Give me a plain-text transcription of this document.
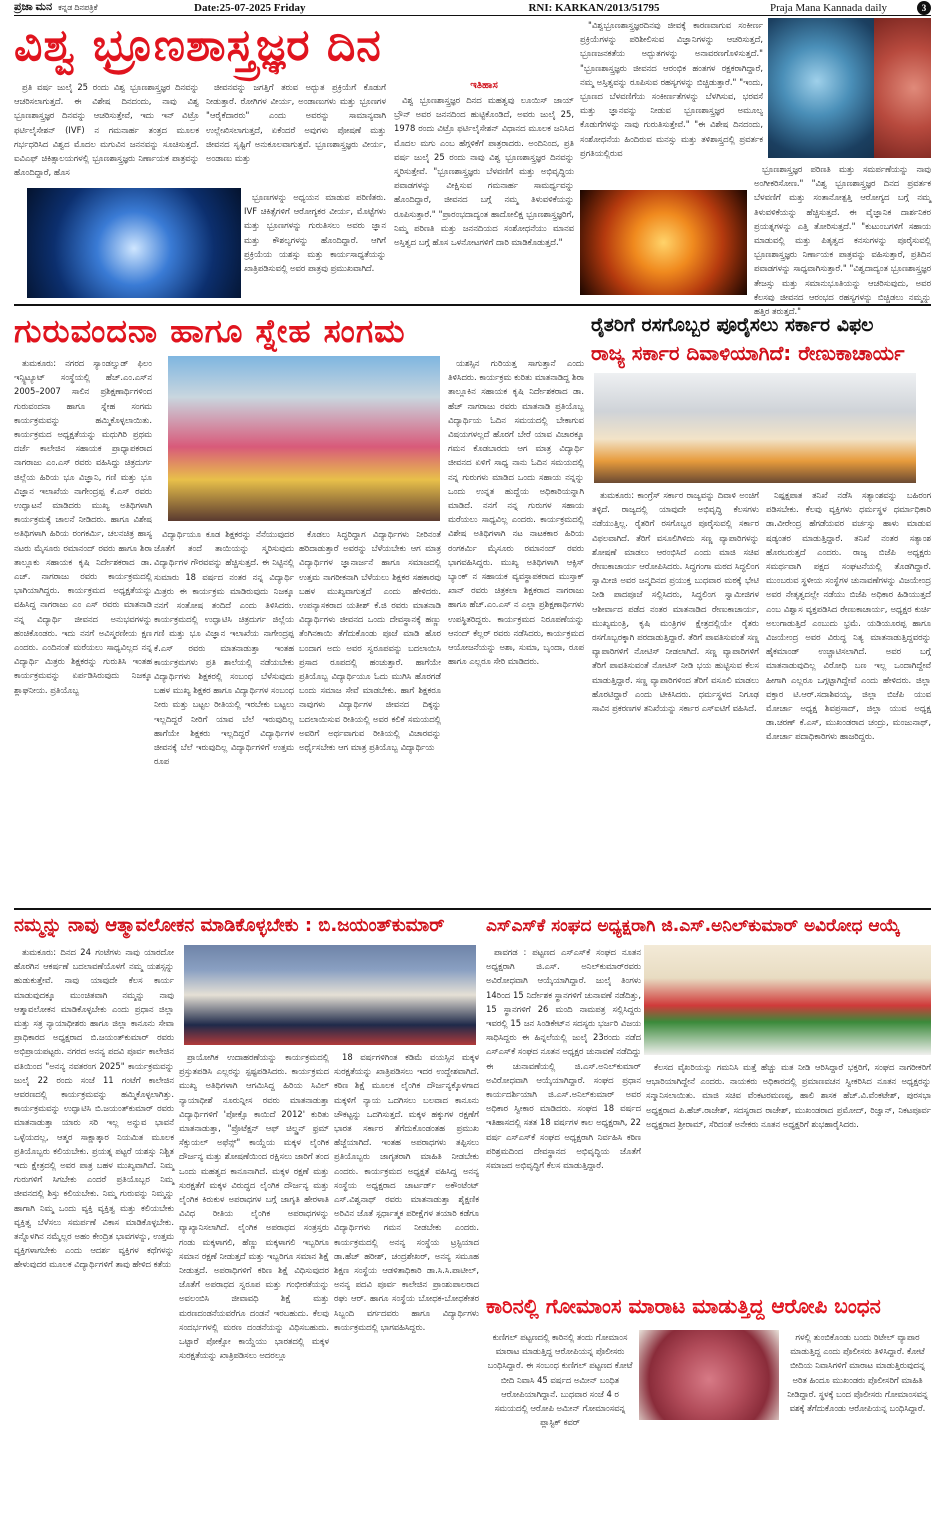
ಪ್ರಜಾ ಮನ ಕನ್ನಡ ದಿನಪತ್ರಿಕೆ	Date:25-07-2025 Friday	RNI: KARKAN/2013/51795	Praja Mana Kannada daily	3
ವಿಶ್ವ ಭ್ರೂಣಶಾಸ್ತ್ರಜ್ಞರ ದಿನ	"ವಿಶ್ವಭ್ರೂಣಶಾಸ್ತ್ರಜ್ಞರದಿನವು ಜೀವಕ್ಕೆ ಕಾರಣವಾಗುವ ಸಂಕೀರ್ಣ ಪ್ರಕ್ರಿಯೆಗಳನ್ನು ಪರಿಶೀಲಿಸುವ ವಿಜ್ಞಾನಿಗಳನ್ನು ಆಚರಿಸುತ್ತದೆ, ಭ್ರೂಣಜನಕತೆಯ ಅದ್ಭುತಗಳನ್ನು ಅನಾವರಣಗೊಳಿಸುತ್ತದೆ." "ಭ್ರೂಣಶಾಸ್ತ್ರಜ್ಞರು ಜೀವನದ ಆರಂಭಿಕ ಹಂತಗಳ ರಕ್ಷಕರಾಗಿದ್ದಾರೆ, ನಮ್ಮ ಅಸ್ತಿತ್ವವನ್ನು ರೂಪಿಸುವ ರಹಸ್ಯಗಳನ್ನು ಬಿಚ್ಚಿಡುತ್ತಾರೆ." "ಇಂದು, ಭ್ರೂಣದ ಬೆಳವಣಿಗೆಯ ಸಂಕೀರ್ಣತೆಗಳನ್ನು ಬೆಳಗಿಸುವ, ಭರವಸೆ ಮತ್ತು ಜ್ಞಾನವನ್ನು ನೀಡುವ ಭ್ರೂಣಶಾಸ್ತ್ರಜ್ಞರ ಅಮೂಲ್ಯ ಕೊಡುಗೆಗಳನ್ನು ನಾವು ಗುರುತಿಸುತ್ತೇವೆ." "ಈ ವಿಶೇಷ ದಿನದಂದು, ಸಂಶೋಧನೆಯ ಹಿಂದಿರುವ ಮನಸ್ಸು ಮತ್ತು ತಳಿಶಾಸ್ತ್ರದಲ್ಲಿ ಪ್ರವರ್ತಕ ಪ್ರಗತಿಯಲ್ಲಿರುವ

ಪ್ರತಿ ವರ್ಷ ಜುಲೈ 25 ರಂದು ವಿಶ್ವ ಭ್ರೂಣಶಾಸ್ತ್ರಜ್ಞರ ದಿನವನ್ನು ಆಚರಿಸಲಾಗುತ್ತದೆ. ಈ ವಿಶೇಷ ದಿನದಂದು, ನಾವು ವಿಶ್ವ ಭ್ರೂಣಶಾಸ್ತ್ರಜ್ಞರ ದಿನವನ್ನು ಆಚರಿಸುತ್ತೇವೆ, ಇದು ಇನ್ ವಿಟ್ರೊ ಫರ್ಟಿಲೈಸೇಶನ್ (IVF) ನ ಗಮನಾರ್ಹ ತಂತ್ರದ ಮೂಲಕ ಗರ್ಭಧರಿಸಿದ ವಿಶ್ವದ ಮೊದಲ ಮಗುವಿನ ಜನನವನ್ನು ಸೂಚಿಸುತ್ತದೆ. ಐವಿಎಫ್ ಚಿಕಿತ್ಸಾಲಯಗಳಲ್ಲಿ ಭ್ರೂಣಶಾಸ್ತ್ರಜ್ಞರು ನಿರ್ಣಾಯಕ ಪಾತ್ರವನ್ನು ಹೊಂದಿದ್ದಾರೆ, ಹೊಸ

ಜೀವನವನ್ನು ಜಗತ್ತಿಗೆ ತರುವ ಅದ್ಭುತ ಪ್ರಕ್ರಿಯೆಗೆ ಕೊಡುಗೆ ನೀಡುತ್ತಾರೆ. ರೋಗಿಗಳ ವೀರ್ಯ, ಅಂಡಾಣುಗಳು ಮತ್ತು ಭ್ರೂಣಗಳ "ಆರೈಕೆದಾರರು" ಎಂದು ಅವರನ್ನು ಸಾಮಾನ್ಯವಾಗಿ ಉಲ್ಲೇಖಿಸಲಾಗುತ್ತದೆ, ಏಕೆಂದರೆ ಅವುಗಳು ಪೋಷಣೆ ಮತ್ತು ಜೀವನದ ಸೃಷ್ಟಿಗೆ ಅನುಕೂಲವಾಗುತ್ತವೆ. ಭ್ರೂಣಶಾಸ್ತ್ರಜ್ಞರು ವೀರ್ಯ, ಅಂಡಾಣು ಮತ್ತು

ಭ್ರೂಣಗಳನ್ನು ಅಧ್ಯಯನ ಮಾಡುವ ಪರಿಣಿತರು. IVF ಚಿಕಿತ್ಸೆಗಳಿಗೆ ಆರೋಗ್ಯಕರ ವೀರ್ಯ, ಮೊಟ್ಟೆಗಳು ಮತ್ತು ಭ್ರೂಣಗಳನ್ನು ಗುರುತಿಸಲು ಅವರು ಜ್ಞಾನ ಮತ್ತು ಕೌಶಲ್ಯಗಳನ್ನು ಹೊಂದಿದ್ದಾರೆ. ಆಗಿಗೆ ಪ್ರಕ್ರಿಯೆಯ ಯಶಸ್ಸು ಮತ್ತು ಕಾರ್ಯಸಾಧ್ಯತೆಯನ್ನು ಖಾತ್ರಿಪಡಿಸುವಲ್ಲಿ ಅವರ ಪಾತ್ರವು ಪ್ರಮುಖವಾಗಿದೆ.

ಇತಿಹಾಸ

ವಿಶ್ವ ಭ್ರೂಣಶಾಸ್ತ್ರಜ್ಞರ ದಿನದ ಮಹತ್ವವು ಲೂಯಿಸ್ ಜಾಯ್ ಬ್ರೌನ್ ಅವರ ಜನನದಿಂದ ಹುಟ್ಟಿಕೊಂಡಿದೆ, ಅವರು ಜುಲೈ 25, 1978 ರಂದು ವಿಟ್ರೊ ಫರ್ಟಿಲೈಸೇಶನ್ ವಿಧಾನದ ಮೂಲಕ ಜನಿಸಿದ ಮೊದಲ ಮಗು ಎಂಬ ಹೆಗ್ಗಳಿಕೆಗೆ ಪಾತ್ರರಾದರು. ಅಂದಿನಿಂದ, ಪ್ರತಿ ವರ್ಷ ಜುಲೈ 25 ರಂದು ನಾವು ವಿಶ್ವ ಭ್ರೂಣಶಾಸ್ತ್ರಜ್ಞರ ದಿನವನ್ನು ಸ್ಮರಿಸುತ್ತೇವೆ. "ಭ್ರೂಣಶಾಸ್ತ್ರಜ್ಞರು ಬೆಳವಣಿಗೆ ಮತ್ತು ಅಭಿವೃದ್ಧಿಯ ಪವಾಡಗಳನ್ನು ವೀಕ್ಷಿಸುವ ಗಮನಾರ್ಹ ಸಾಮರ್ಥ್ಯವನ್ನು ಹೊಂದಿದ್ದಾರೆ, ಜೀವನದ ಬಗ್ಗೆ ನಮ್ಮ ತಿಳುವಳಿಕೆಯನ್ನು ರೂಪಿಸುತ್ತಾರೆ." "ಪ್ರಾರಂಭದಾದ್ಯಂತ ಹಾದೋಲಿಕ್ಷ ಭ್ರೂಣಶಾಸ್ತ್ರಜ್ಞರಿಗೆ, ನಿಮ್ಮ ಪರಿಣತಿ ಮತ್ತು ಜನನದಿಯದ ಸಂಶೋಧನೆಯು ಮಾನವ ಅಸ್ತಿತ್ವದ ಬಗ್ಗೆ ಹೊಸ ಒಳನೋಟಗಳಿಗೆ ದಾರಿ ಮಾಡಿಕೊಡುತ್ತದೆ."

ಭ್ರೂಣಶಾಸ್ತ್ರಜ್ಞರ ಪರಿಣತಿ ಮತ್ತು ಸಮರ್ಪಣೆಯನ್ನು ನಾವು ಅಂಗೀಕರಿಸೋಣ." "ವಿಶ್ವ ಭ್ರೂಣಶಾಸ್ತ್ರಜ್ಞರ ದಿನದ ಪ್ರವರ್ತಕ ಬೆಳವಣಿಗೆ ಮತ್ತು ಸಂತಾನೋತ್ಪತ್ತಿ ಆರೋಗ್ಯದ ಬಗ್ಗೆ ನಮ್ಮ ತಿಳುವಳಿಕೆಯನ್ನು ಹೆಚ್ಚಿಸುತ್ತದೆ. ಈ ವೈಜ್ಞಾನಿಕ ದಾರ್ಶನಿಕರ ಪ್ರಯತ್ನಗಳನ್ನು ಎತ್ತಿ ತೋರಿಸುತ್ತದೆ." "ಕುಟುಂಬಗಳಿಗೆ ಸಹಾಯ ಮಾಡುವಲ್ಲಿ ಮತ್ತು ಪಿತೃತ್ವದ ಕನಸುಗಳನ್ನು ಪೂರೈಸುವಲ್ಲಿ ಭ್ರೂಣಶಾಸ್ತ್ರಜ್ಞರು ನಿರ್ಣಾಯಕ ಪಾತ್ರವನ್ನು ವಹಿಸುತ್ತಾರೆ, ಪ್ರತಿದಿನ ಪವಾಡಗಳನ್ನು ಸಾಧ್ಯವಾಗಿಸುತ್ತಾರೆ." "ವಿಶ್ವದಾದ್ಯಂತ ಭ್ರೂಣಶಾಸ್ತ್ರಜ್ಞರ ತೇಜಸ್ಸು ಮತ್ತು ಸಮಾನುಭೂತಿಯನ್ನು ಆಚರಿಸುವುದು, ಅವರ ಕೆಲಸವು ಜೀವನದ ಆರಂಭದ ರಹಸ್ಯಗಳನ್ನು ಬಿಚ್ಚಿಡಲು ನಮ್ಮನ್ನು ಹತ್ತಿರ ತರುತ್ತದೆ."

ಗುರುವಂದನಾ ಹಾಗೂ ಸ್ನೇಹ ಸಂಗಮ

ತುಮಕೂರು: ನಗರದ ಸ್ಯಾಂಡಲ್ವುಡ್ ಫಿಲಂ ಇನ್ಸ್ಟಿಟ್ಯೂಟ್ ಸಂಸ್ಥೆಯಲ್ಲಿ ಹೆಚ್.ಎಂ.ಎಸ್‌ನ 2005–2007 ಸಾಲಿನ ಪ್ರಶಿಕ್ಷಣಾರ್ಥಿಗಳಿಂದ ಗುರುವಂದನಾ ಹಾಗೂ ಸ್ನೇಹ ಸಂಗಮ ಕಾರ್ಯಕ್ರಮವನ್ನು ಹಮ್ಮಿಕೊಳ್ಳಲಾಯಿತು. ಕಾರ್ಯಕ್ರಮದ ಅಧ್ಯಕ್ಷತೆಯನ್ನು ಮಧುಗಿರಿ ಪ್ರಥಮ ದರ್ಜೆ ಕಾಲೇಜಿನ ಸಹಾಯಕ ಪ್ರಾಧ್ಯಾಪಕರಾದ ನಾಗರಾಜು ಎಂ.ಎಸ್ ರವರು ವಹಿಸಿದ್ದು ಚಿತ್ರದುರ್ಗ ಜಿಲ್ಲೆಯ ಹಿರಿಯ ಭೂ ವಿಜ್ಞಾನಿ, ಗಣಿ ಮತ್ತು ಭೂ ವಿಜ್ಞಾನ ಇಲಾಖೆಯ ನಾಗೇಂದ್ರಪ್ಪ ಕೆ.ಎಸ್ ರವರು ಉದ್ಘಾಟನೆ ಮಾಡಿದರು ಮುಖ್ಯ ಅತಿಥಿಗಳಾಗಿ ಕಾರ್ಯಕ್ರಮಕ್ಕೆ ಚಾಲನೆ ನೀಡಿದರು. ಹಾಗೂ ವಿಶೇಷ ಅತಿಥಿಗಳಾಗಿ ಹಿರಿಯ ರಂಗಕರ್ಮಿ, ಚಲನಚಿತ್ರ ಹಾಸ್ಯ ನಟರು ಮೈಸೂರು ರಮಾನಂದ್ ರವರು ಹಾಗೂ ಶಿರಾ ತಾಲ್ಲೂಕು ಸಹಾಯಕ ಕೃಷಿ ನಿರ್ದೇಶಕರಾದ ಡಾ. ಎಚ್. ನಾಗರಾಜು ರವರು ಕಾರ್ಯಕ್ರಮದಲ್ಲಿ ಭಾಗಿಯಾಗಿದ್ದರು. ಕಾರ್ಯಕ್ರಮದ ಅಧ್ಯಕ್ಷತೆಯನ್ನು ವಹಿಸಿದ್ದ ನಾಗರಾಜು ಎಂ ಎಸ್ ರವರು ಮಾತನಾಡಿ ನನ್ನ ವಿದ್ಯಾರ್ಥಿ ಜೀವನದ ಅನುಭವಗಳನ್ನು ಹಂಚಿಕೊಂಡರು. ಇದು ನನಗೆ ಅವಿಸ್ಮರಣೀಯ ಕ್ಷಣ ಎಂದರು. ಎಂದಿನಂತೆ ಮರೆಯಲು ಸಾಧ್ಯವಿಲ್ಲದ ನನ್ನ ವಿದ್ಯಾರ್ಥಿ ಮಿತ್ರರು ಶಿಕ್ಷಕರನ್ನು ಗುರುತಿಸಿ ಇಂತಹ ಕಾರ್ಯಕ್ರಮವನ್ನು ಏರ್ಪಡಿಸಿರುವುದು ನಿಜಕ್ಕೂ ಶ್ಲಾಘನೀಯ. ಪ್ರತಿಯೊಬ್ಬ

ವಿದ್ಯಾರ್ಥಿಯೂ ಕೂಡ ಶಿಕ್ಷಕರನ್ನು ನೆನೆಯುವುದರ ಜೊತೆಗೆ ತಂದೆ ತಾಯಿಯನ್ನು ಸ್ಮರಿಸುವುದು ವಿದ್ಯಾರ್ಥಿಗಳ ಗೌರವವನ್ನು ಹೆಚ್ಚಿಸುತ್ತದೆ. ಈ ನಿಟ್ಟಿನಲ್ಲಿ ಸುಮಾರು 18 ವರ್ಷದ ನಂತರ ನನ್ನ ವಿದ್ಯಾರ್ಥಿ ಮಿತ್ರರು ಈ ಕಾರ್ಯಕ್ರಮ ಮಾಡಿರುವುದು ನಿಜಕ್ಕೂ ನನಗೆ ಸಂತೋಷ ತಂದಿದೆ ಎಂದು ತಿಳಿಸಿದರು. ಕಾರ್ಯಕ್ರಮದಲ್ಲಿ ಉದ್ಘಾಟಿಸಿ ಚಿತ್ರದುರ್ಗ ಜಿಲ್ಲೆಯ ಗಣಿ ಮತ್ತು ಭೂ ವಿಜ್ಞಾನ ಇಲಾಖೆಯ ನಾಗೇಂದ್ರಪ್ಪ ಕೆ.ಎಸ್ ರವರು ಮಾತನಾಡುತ್ತಾ ಇಂತಹ ಕಾರ್ಯಕ್ರಮಗಳು ಪ್ರತಿ ಶಾಲೆಯಲ್ಲಿ ನಡೆಯಬೇಕು ವಿದ್ಯಾರ್ಥಿಗಳು ಶಿಕ್ಷಕರಲ್ಲಿ ಸಂಬಂಧ ಬೆಳೆಸುವುದು ಬಹಳ ಮುಖ್ಯ ಶಿಕ್ಷಕರ ಹಾಗೂ ವಿದ್ಯಾರ್ಥಿಗಳ ಸಂಬಂಧ ನೀರು ಮತ್ತು ಬಟ್ಟಲ ರೀತಿಯಲ್ಲಿ ಇರಬೇಕು ಬಟ್ಟಲು ಇಲ್ಲದಿದ್ದರೆ ನೀರಿಗೆ ಯಾವ ಬೆಲೆ ಇರುವುದಿಲ್ಲ ಹಾಗೆಯೇ ಶಿಕ್ಷಕರು ಇಲ್ಲದಿದ್ದರೆ ವಿದ್ಯಾರ್ಥಿಗಳ ಜೀವನಕ್ಕೆ ಬೆಲೆ ಇರುವುದಿಲ್ಲ ವಿದ್ಯಾರ್ಥಿಗಳಿಗೆ ಉತ್ತಮ ರೂಪ

ಕೊಡಲು ಸಿದ್ಧರಿದ್ದಾಗ ವಿದ್ಯಾರ್ಥಿಗಳು ನೀರಿನಂತೆ ಹರಿದಾಡುತ್ತಾರೆ ಅವರನ್ನು ಬೆಳೆಯಬೇಕು ಆಗ ಮಾತ್ರ ವಿದ್ಯಾರ್ಥಿಗಳ ಜ್ಞಾನಾರ್ಜನೆ ಹಾಗೂ ಸಮಾಜದಲ್ಲಿ ಉತ್ತಮ ನಾಗರೀಕನಾಗಿ ಬೆಳೆಯಲು ಶಿಕ್ಷಕರ ಸಹಕಾರವು ಬಹಳ ಮುಖ್ಯವಾಗುತ್ತದೆ ಎಂದು ಹೇಳಿದರು. ಉಪನ್ಯಾಸಕರಾದ ಯತೀಶ್ ಕೆ.ಜಿ ರವರು ಮಾತನಾಡಿ ವಿದ್ಯಾರ್ಥಿಗಳು ಜೀವನದ ಒಂದು ದೇವಸ್ಥಾನಕ್ಕೆ ಹಣ್ಣು ತೆಂಗಿನಕಾಯಿ ತೆಗೆದುಕೊಂಡು ಪೂಜೆ ಮಾಡಿ ಹೊರ ಬಂದಾಗ ಅದು ಅವರ ಸ್ವರೂಪವನ್ನು ಬದಲಾಯಿಸಿ ಪ್ರಸಾದ ರೂಪದಲ್ಲಿ ಹಂಚುತ್ತಾರೆ. ಹಾಗೆಯೇ ಪ್ರತಿಯೊಬ್ಬ ವಿದ್ಯಾರ್ಥಿಯೂ ಓದು ಮುಗಿಸಿ ಹೊರಗಡೆ ಬಂದು ಸಮಾಜ ಸೇವೆ ಮಾಡಬೇಕು. ಹಾಗೆ ಶಿಕ್ಷಕರೂ ನಾವುಗಳು ವಿದ್ಯಾರ್ಥಿಗಳ ಜೀವನದ ದಿಕ್ಕನ್ನು ಬದಲಾಯಿಸುವ ರೀತಿಯಲ್ಲಿ ಅವರ ಕಲಿಕೆ ಸಮಯದಲ್ಲಿ ಅವರಿಗೆ ಅರ್ಥವಾಗುವ ರೀತಿಯಲ್ಲಿ ವಿಚಾರವನ್ನು ಅರ್ಥೈಸಬೇಕು ಆಗ ಮಾತ್ರ ಪ್ರತಿಯೊಬ್ಬ ವಿದ್ಯಾರ್ಥಿಯ

ಯಶಸ್ಸಿನ ಗುರಿಯತ್ತ ಸಾಗುತ್ತಾನೆ ಎಂದು ತಿಳಿಸಿದರು. ಕಾರ್ಯಕ್ರಮ ಕುರಿತು ಮಾತನಾಡಿದ್ದ ಶಿರಾ ತಾಲ್ಲೂಕಿನ ಸಹಾಯಕ ಕೃಷಿ ನಿರ್ದೇಶಕರಾದ ಡಾ. ಹೆಚ್ ನಾಗರಾಜು ರವರು ಮಾತನಾಡಿ ಪ್ರತಿಯೊಬ್ಬ ವಿದ್ಯಾರ್ಥಿಯ ಓದಿನ ಸಮಯದಲ್ಲಿ ಬೇಕಾಗುವ ವಿಷಯಗಳಲ್ಲದೆ ಹೊರಗೆ ಬೇರೆ ಯಾವ ವಿಚಾರಕ್ಕೂ ಗಮನ ಕೊಡಬಾರದು ಆಗ ಮಾತ್ರ ವಿದ್ಯಾರ್ಥಿ ಜೀವನದ ಏಳಿಗೆ ಸಾಧ್ಯ ನಾನು ಓದಿನ ಸಮಯದಲ್ಲಿ ನನ್ನ ಗುರುಗಳು ಮಾಡಿದ ಒಂದು ಸಹಾಯ ನನ್ನನ್ನು ಒಂದು ಉನ್ನತ ಹುದ್ದೆಯ ಅಧಿಕಾರಿಯನ್ನಾಗಿ ಮಾಡಿದೆ. ನನಗೆ ನನ್ನ ಗುರುಗಳ ಸಹಾಯ ಮರೆಯಲು ಸಾಧ್ಯವಿಲ್ಲ ಎಂದರು. ಕಾರ್ಯಕ್ರಮದಲ್ಲಿ ವಿಶೇಷ ಅತಿಥಿಗಳಾಗಿ ನಟ ನಾಟಕಕಾರ ಹಿರಿಯ ರಂಗಕರ್ಮಿ ಮೈಸೂರು ರಮಾನಂದ್ ರವರು ಭಾಗವಹಿಸಿದ್ದರು. ಮುಖ್ಯ ಅತಿಥಿಗಳಾಗಿ ಆಕ್ಸಿಸ್ ಬ್ಯಾಂಕ್ ನ ಸಹಾಯಕ ವ್ಯವಸ್ಥಾಪಕರಾದ ಮುಸ್ತಾಕ್ ಖಾನ್ ರವರು ಚಿತ್ರಕಲಾ ಶಿಕ್ಷಕರಾದ ನಾಗರಾಜು ಹಾಗೂ ಹೆಚ್.ಎಂ.ಎಸ್ ನ ಎಲ್ಲಾ ಪ್ರಶಿಕ್ಷಣಾರ್ಥಿಗಳು ಉಪಸ್ಥಿತರಿದ್ದರು. ಕಾರ್ಯಕ್ರಮದ ನಿರೂಪಣೆಯನ್ನು ಆನಂದ್ ಕೆಲ್ಲರ್ ರವರು ನಡೆಸಿದರು, ಕಾರ್ಯಕ್ರಮದ ಆಯೋಜನೆಯನ್ನು ಅಶಾ, ಸುಮಾ, ಬೃಂದಾ, ರೂಪ ಹಾಗೂ ಎಲ್ಲರೂ ಸೇರಿ ಮಾಡಿದರು.

ರೈತರಿಗೆ ರಸಗೊಬ್ಬರ ಪೂರೈಸಲು ಸರ್ಕಾರ ವಿಫಲ
ರಾಜ್ಯ ಸರ್ಕಾರ ದಿವಾಳಿಯಾಗಿದೆ: ರೇಣುಕಾಚಾರ್ಯ

ತುಮಕೂರು: ಕಾಂಗ್ರೆಸ್ ಸರ್ಕಾರ ರಾಜ್ಯವನ್ನು ದಿವಾಳಿ ಅಂಚಿಗೆ ತಳ್ಳಿದೆ. ರಾಜ್ಯದಲ್ಲಿ ಯಾವುದೇ ಅಭಿವೃದ್ಧಿ ಕೆಲಸಗಳು ನಡೆಯುತ್ತಿಲ್ಲ. ರೈತರಿಗೆ ರಸಗೊಬ್ಬರ ಪೂರೈಸುವಲ್ಲಿ ಸರ್ಕಾರ ವಿಫಲವಾಗಿದೆ. ತೆರಿಗೆ ವಸೂಲಿಗಿಳಿದು ಸಣ್ಣ ವ್ಯಾಪಾರಿಗಳನ್ನು ಶೋಷಣೆ ಮಾಡಲು ಆರಂಭಿಸಿದೆ ಎಂದು ಮಾಜಿ ಸಚಿವ ರೇಣುಕಾಚಾರ್ಯ ಆರೋಪಿಸಿದರು. ಸಿದ್ಧಗಂಗಾ ಮಠದ ಸಿದ್ಧಲಿಂಗ ಸ್ವಾಮೀಜಿ ಅವರ ಜನ್ಮದಿನದ ಪ್ರಯುಕ್ತ ಬುಧವಾರ ಮಠಕ್ಕೆ ಭೇಟಿ ನೀಡಿ ಪಾದಪೂಜೆ ಸಲ್ಲಿಸಿದರು, ಸಿದ್ಧಲಿಂಗ ಸ್ವಾಮೀಜಿಗಳ ಆಶೀರ್ವಾದ ಪಡೆದ ನಂತರ ಮಾತನಾಡಿದ ರೇಣುಕಾಚಾರ್ಯ, ಮುಖ್ಯಮಂತ್ರಿ, ಕೃಷಿ ಮಂತ್ರಿಗಳ ಕ್ಷೇತ್ರದಲ್ಲಿಯೇ ರೈತರು ರಸಗೊಬ್ಬರಕ್ಕಾಗಿ ಪರದಾಡುತ್ತಿದ್ದಾರೆ. ತೆರಿಗೆ ಪಾವತಿಸುವಂತೆ ಸಣ್ಣ ವ್ಯಾಪಾರಿಗಳಿಗೆ ನೋಟಿಸ್ ನೀಡಲಾಗಿದೆ. ಸಣ್ಣ ವ್ಯಾಪಾರಿಗಳಿಗೆ ತೆರಿಗೆ ಪಾವತಿಸುವಂತೆ ನೋಟಿಸ್ ನೀಡಿ ಭಯ ಹುಟ್ಟಿಸುವ ಕೆಲಸ ಮಾಡುತ್ತಿದ್ದಾರೆ. ಸಣ್ಣ ವ್ಯಾಪಾರಿಗಳಿಂದ ತೆರಿಗೆ ವಸೂಲಿ ಮಾಡಲು ಹೊರಟಿದ್ದಾರೆ ಎಂದು ಟೀಕಿಸಿದರು. ಧರ್ಮಸ್ಥಳದ ನಿಗೂಢ ಸಾವಿನ ಪ್ರಕರಣಗಳ ತನಿಖೆಯನ್ನು ಸರ್ಕಾರ ಎಸ್‌ಐಟಿಗೆ ವಹಿಸಿದೆ.

ನಿಷ್ಪಕ್ಷಪಾತ ತನಿಖೆ ನಡೆಸಿ ಸತ್ಯಾಂಶವನ್ನು ಬಹಿರಂಗ ಪಡಿಸಬೇಕು. ಕೆಲವು ವ್ಯಕ್ತಿಗಳು ಧರ್ಮಸ್ಥಳ ಧರ್ಮಾಧಿಕಾರಿ ಡಾ.ವೀರೇಂದ್ರ ಹೆಗಡೆಯವರ ವರ್ಚಸ್ಸು ಹಾಳು ಮಾಡುವ ಷಡ್ಯಂತರ ಮಾಡುತ್ತಿದ್ದಾರೆ. ತನಿಖೆ ನಂತರ ಸತ್ಯಾಂಶ ಹೊರಬರುತ್ತದೆ ಎಂದರು. ರಾಜ್ಯ ಬಿಜೆಪಿ ಅಧ್ಯಕ್ಷರು ಸಮರ್ಥವಾಗಿ ಪಕ್ಷದ ಸಂಘಟನೆಯಲ್ಲಿ ತೊಡಗಿದ್ದಾರೆ. ಮುಂಬರುವ ಸ್ಥಳೀಯ ಸಂಸ್ಥೆಗಳ ಚುನಾವಣೆಗಳನ್ನು ವಿಜಯೇಂದ್ರ ಅವರ ನೇತೃತ್ವದಲ್ಲೇ ನಡೆಯು ಬಿಜೆಪಿ ಅಧಿಕಾರ ಹಿಡಿಯುತ್ತದೆ ಎಂಬ ವಿಶ್ವಾಸ ವ್ಯಕ್ತಪಡಿಸಿದ ರೇಣುಕಾಚಾರ್ಯ, ಅಧ್ಯಕ್ಷರ ಕುರ್ಚಿ ಅಲುಗಾಡುತ್ತಿದೆ ಎಂಬುದು ಭ್ರಮೆ. ಯಡಿಯೂರಪ್ಪ ಹಾಗೂ ವಿಜಯೇಂದ್ರ ಅವರ ವಿರುದ್ಧ ನಿತ್ಯ ಮಾತನಾಡುತ್ತಿದ್ದವರನ್ನು ಹೈಕಮಾಂಡ್ ಉಚ್ಚಾಟಿಸಲಾಗಿದೆ. ಅವರ ಬಗ್ಗೆ ಮಾತನಾಡುವುದಿಲ್ಲ ವಿರೋಧಿ ಬಣ ಇಲ್ಲ ಒಂದಾಗಿದ್ದೇವೆ ಹೀಗಾಗಿ ಎಲ್ಲರೂ ಒಗ್ಗಟ್ಟಾಗಿದ್ದೇವೆ ಎಂದು ಹೇಳಿದರು. ಜಿಲ್ಲಾ ವಕ್ತಾರ ಟಿ.ಆರ್.ಸದಾಶಿವಯ್ಯ, ಜಿಲ್ಲಾ ಬಿಜೆಪಿ ಯುವ ಮೋರ್ಚಾ ಅಧ್ಯಕ್ಷ ಶಿವಪ್ರಸಾದ್, ಜಿಲ್ಲಾ ಯುವ ಅಧ್ಯಕ್ಷ ಡಾ.ಚರಣ್ ಕೆ.ಎಸ್, ಮುಖಂಡರಾದ ಚಂದ್ರು, ಮಂಜುನಾಥ್, ಮೋರ್ಚಾ ಪದಾಧಿಕಾರಿಗಳು ಹಾಜರಿದ್ದರು.

ನಮ್ಮನ್ನು ನಾವು ಆತ್ಮಾವಲೋಕನ ಮಾಡಿಕೊಳ್ಳಬೇಕು : ಬಿ.ಜಯಂತ್‌ಕುಮಾರ್

ತುಮಕೂರು: ದಿನದ 24 ಗಂಟೆಗಳು ನಾವು ಯಾರದೋ ಹೊರಗಿನ ಆಕರ್ಷಣೆ ಬದಲಾವಣೆಯೊಳಗೆ ನಮ್ಮ ಯಶಸ್ಸನ್ನು ಹುಡುಕುತ್ತೇವೆ. ನಾವು ಯಾವುದೇ ಕೆಲಸ ಕಾರ್ಯ ಮಾಡುವುದಕ್ಕೂ ಮುಂಚಿತವಾಗಿ ನಮ್ಮನ್ನು ನಾವು ಆತ್ಮಾವಲೋಕನ ಮಾಡಿಕೊಳ್ಳಬೇಕು ಎಂದು ಪ್ರಧಾನ ಜಿಲ್ಲಾ ಮತ್ತು ಸತ್ರ ನ್ಯಾಯಾಧೀಶರು ಹಾಗೂ ಜಿಲ್ಲಾ ಕಾನೂನು ಸೇವಾ ಪ್ರಾಧಿಕಾರದ ಅಧ್ಯಕ್ಷರಾದ ಬಿ.ಜಯಂತ್‌ಕುಮಾರ್ ರವರು ಅಭಿಪ್ರಾಯಪಟ್ಟರು. ನಗರದ ಅನನ್ಯ ಪದವಿ ಪೂರ್ವ ಕಾಲೇಜಿನ ವತಿಯಿಂದ "ಅನನ್ಯ ನವತರಂಗ 2025" ಕಾರ್ಯಕ್ರಮವನ್ನು ಜುಲೈ 22 ರಂದು ಸಂಜೆ 11 ಗಂಟೆಗೆ ಕಾಲೇಜಿನ ಆವರಣದಲ್ಲಿ ಕಾರ್ಯಕ್ರಮವನ್ನು ಹಮ್ಮಿಕೊಳ್ಳಲಾಗಿತ್ತು. ಕಾರ್ಯಕ್ರಮವನ್ನು ಉದ್ಘಾಟಿಸಿ ಬಿ.ಜಯಂತ್‌ಕುಮಾರ್ ರವರು ಮಾತನಾಡುತ್ತಾ ಯಾರು ಸರಿ ಇಲ್ಲ ಅನ್ನುವ ಭಾವನೆ ಒಳ್ಳೆಯದಲ್ಲ, ಆತ್ಮರ ಸಾಕ್ಷಾತ್ಕಾರ ನಿಯಮಿತ ಮೂಲಕ ಪ್ರತಿಯೊಬ್ಬರು ಕಲಿಯಬೇಕು. ಪ್ರಯತ್ನ ಪಟ್ಟರೆ ಯಶಸ್ಸು ನಿಶ್ಚಿತ ಇದು ಕ್ಷೇತ್ರದಲ್ಲಿ ಅವರ ಪಾತ್ರ ಬಹಳ ಮುಖ್ಯವಾಗಿದೆ. ನಿಮ್ಮ ಗುರುಗಳಿಗೆ ಸಿಗಬೇಕು ಎಂದರೆ ಪ್ರತಿಯೊಬ್ಬರ ನಿಮ್ಮ ಜೀವನದಲ್ಲಿ ಶಿಸ್ತು ಕಲಿಯಬೇಕು. ನಿಮ್ಮ ಗುರುವನ್ನು ನಿಮ್ಮನ್ನು ಹಾಗಾಗಿ ನಿಮ್ಮ ಒಂದು ವ್ಯಕ್ತಿ ವ್ಯಕ್ತಿತ್ವ ಮತ್ತು ಕಲಿಯಬೇಕು ವ್ಯಕ್ತಿತ್ವ ಬೆಳೆಸಲು ಸಮರ್ಪಣೆ ವಿಕಾಸ ಮಾಡಿಕೊಳ್ಳಬೇಕು. ತನ್ನೊಳಗಿನ ನಮ್ಮೆಲ್ಲರ ಅಹಂ ಕೇಂದ್ರಿತ ಭಾವಗಳನ್ನು, ಉತ್ತಮ ವ್ಯಕ್ತಿಗಳಾಗಬೇಕು ಎಂದು ಆದರ್ಶ ವ್ಯಕ್ತಿಗಳ ಕಥೆಗಳನ್ನು ಹೇಳುವುದರ ಮೂಲಕ ವಿದ್ಯಾರ್ಥಿಗಳಿಗೆ ತಾವು ಹೇಳಿದ ಕತೆಯ

ಪ್ರಾಯೋಗಿಕ ಉದಾಹರಣೆಯನ್ನು ಕಾರ್ಯಕ್ರಮದಲ್ಲಿ ಪ್ರಸ್ತುತಪಡಿಸಿ ಎಲ್ಲರನ್ನು ಸ್ಪಷ್ಟಪಡಿಸಿದರು. ಕಾರ್ಯಕ್ರಮದ ಮುಖ್ಯ ಅತಿಥಿಗಳಾಗಿ ಆಗಮಿಸಿದ್ದ ಹಿರಿಯ ಸಿವಿಲ್ ನ್ಯಾಯಾಧೀಶೆ ನೂರುನ್ನೀಸ ರವರು ಮಾತನಾಡುತ್ತಾ ವಿದ್ಯಾರ್ಥಿಗಳಿಗೆ 'ಪೋಕ್ಸೊ ಕಾಯಿದೆ 2012' ಕುರಿತು ಮಾತನಾಡುತ್ತಾ, "ಪ್ರೊಟೆಕ್ಷನ್ ಆಫ್ ಚಿಲ್ಡ್ರನ್ ಫ್ರಮ್ ಸೆಕ್ಸುಯಲ್ ಅಫೆನ್ಸ್" ಕಾಯ್ದೆಯ ಮಕ್ಕಳ ಲೈಂಗಿಕ ದೌರ್ಜನ್ಯ ಮತ್ತು ಶೋಷಣೆಯಿಂದ ರಕ್ಷಿಸಲು ಜಾರಿಗೆ ತಂದ ಒಂದು ಮಹತ್ವದ ಕಾನೂನಾಗಿದೆ. ಮಕ್ಕಳ ರಕ್ಷಣೆ ಮತ್ತು ಸುರಕ್ಷತೆಗೆ ಮಕ್ಕಳ ವಿರುದ್ಧದ ಲೈಂಗಿಕ ದೌರ್ಜನ್ಯ ಮತ್ತು ಲೈಂಗಿಕ ಕಿರುಕುಳ ಅಪರಾಧಗಳ ಬಗ್ಗೆ ಜಾಗೃತಿ ಹೇರಳಾತಿ ವಿವಿಧ ರೀತಿಯ ಲೈಂಗಿಕ ಅಪರಾಧಗಳನ್ನು ವ್ಯಾಖ್ಯಾನಿಸಲಾಗಿದೆ. ಲೈಂಗಿಕ ಅಪರಾಧದ ಸಂತ್ರಸ್ತರು ಗಂಡು ಮಕ್ಕಳಾಗಲಿ, ಹೆಣ್ಣು ಮಕ್ಕಳಾಗಲಿ ಇಬ್ಬರಿಗೂ ಸಮಾನ ರಕ್ಷಣೆ ನೀಡುತ್ತದೆ ಮತ್ತು ಇಬ್ಬರಿಗೂ ಸಮಾನ ಶಿಕ್ಷೆ ನೀಡುತ್ತದೆ. ಅಪರಾಧಿಗಳಿಗೆ ಕಠಿಣ ಶಿಕ್ಷೆ ವಿಧಿಸುವುದರ ಜೊತೆಗೆ ಅಪರಾಧದ ಸ್ವರೂಪ ಮತ್ತು ಗಂಭೀರತೆಯನ್ನು ಅವಲಂಬಿಸಿ ಜೀವಾವಧಿ ಶಿಕ್ಷೆ ಮತ್ತು ಮರಣದಂಡನೆಯವರೆಗೂ ದಂಡನೆ ಇರಬಹುದು. ಕೆಲವು ಸಂದರ್ಭಗಳಲ್ಲಿ ಮರಣ ದಂಡನೆಯನ್ನು ವಿಧಿಸಬಹುದು. ಒಟ್ಟಾರೆ ಪೋಕ್ಸೋ ಕಾಯ್ದೆಯು ಭಾರತದಲ್ಲಿ ಮಕ್ಕಳ ಸುರಕ್ಷತೆಯನ್ನು ಖಾತ್ರಿಪಡಿಸಲು ಅದರಲ್ಲೂ

18 ವರ್ಷಗಳಿಗಿಂತ ಕಡಿಮೆ ವಯಸ್ಸಿನ ಮಕ್ಕಳ ಸುರಕ್ಷತೆಯನ್ನು ಖಾತ್ರಿಪಡಿಸಲು ಇದರ ಉದ್ದೇಶವಾಗಿದೆ. ಕಠಿಣ ಶಿಕ್ಷೆ ಮೂಲಕ ಲೈಂಗಿಕ ದೌರ್ಜನ್ಯಕ್ಕೊಳಗಾದ ಮಕ್ಕಳಿಗೆ ನ್ಯಾಯ ಒದಗಿಸಲು ಬಲವಾದ ಕಾನೂನು ಚೌಕಟ್ಟನ್ನು ಒದಗಿಸುತ್ತದೆ. ಮಕ್ಕಳ ಹಕ್ಕುಗಳ ರಕ್ಷಣೆಗೆ ಭಾರತ ಸರ್ಕಾರ ತೆಗೆದುಕೊಂಡಂತಹ ಪ್ರಮುಖ ಹೆಜ್ಜೆಯಾಗಿದೆ. ಇಂತಹ ಅಪರಾಧಗಳು ತಪ್ಪಿಸಲು ಪ್ರತಿಯೊಬ್ಬರು ಜಾಗೃತರಾಗಿ ಮಾಹಿತಿ ನೀಡಬೇಕು ಎಂದರು. ಕಾರ್ಯಕ್ರಮದ ಅಧ್ಯಕ್ಷತೆ ವಹಿಸಿದ್ದ ಅನನ್ಯ ಸಂಸ್ಥೆಯ ಅಧ್ಯಕ್ಷರಾದ ಚಾರ್ಟರ್ಡ್ ಅಕೌಂಟೆಂಟ್ ಎಸ್.ವಿಶ್ವನಾಥ್ ರವರು ಮಾತನಾಡುತ್ತಾ ಶೈಕ್ಷಣಿಕ ಅರಿವಿನ ಜೊತೆ ಸ್ಪರ್ಧಾತ್ಮಕ ಪರೀಕ್ಷೆಗಳ ತಯಾರಿ ಕಡೆಗೂ ವಿದ್ಯಾರ್ಥಿಗಳು ಗಮನ ನೀಡಬೇಕು ಎಂದರು. ಕಾರ್ಯಕ್ರಮದಲ್ಲಿ ಅನನ್ಯ ಸಂಸ್ಥೆಯ ಟ್ರಸ್ಟಿಯಾದ ಡಾ.ಹೆಚ್ ಹರೀಶ್, ಚಂದ್ರಶೇಖರ್, ಅನನ್ಯ ಸಮೂಹ ಶಿಕ್ಷಣ ಸಂಸ್ಥೆಯ ಆಡಳಿತಾಧಿಕಾರಿ ಡಾ.ಸಿ.ಸಿ.ಪಾಟೀಲ್, ಅನನ್ಯ ಪದವಿ ಪೂರ್ವ ಕಾಲೇಜಿನ ಪ್ರಾಂಶುಪಾಲರಾದ ರಘು ಆರ್. ಹಾಗೂ ಸಂಸ್ಥೆಯ ಬೋಧಕ-ಬೋಧಕೇತರ ಸಿಬ್ಬಂದಿ ವರ್ಗದವರು ಹಾಗೂ ವಿದ್ಯಾರ್ಥಿಗಳು ಕಾರ್ಯಕ್ರಮದಲ್ಲಿ ಭಾಗವಹಿಸಿದ್ದರು.

ಎಸ್‌ಎಸ್‌ಕೆ ಸಂಘದ ಅಧ್ಯಕ್ಷರಾಗಿ ಜಿ.ಎಸ್.ಅನಿಲ್‌ಕುಮಾರ್ ಅವಿರೋಧ ಆಯ್ಕೆ

ಪಾವಗಡ : ಪಟ್ಟಣದ ಎಸ್‌ಎಸ್‌ಕೆ ಸಂಘದ ನೂತನ ಅಧ್ಯಕ್ಷರಾಗಿ ಜಿ.ಎಸ್. ಅನಿಲ್‌ಕುಮಾರ್‌ರವರು ಅವಿರೋಧವಾಗಿ ಆಯ್ಕೆಯಾಗಿದ್ದಾರೆ. ಜುಲೈ ತಿಂಗಳು 14ರಿಂದ 15 ನಿರ್ದೇಶಕ ಸ್ಥಾನಗಳಿಗೆ ಚುನಾವಣೆ ನಡೆದಿತ್ತು, 15 ಸ್ಥಾನಗಳಿಗೆ 26 ಮಂದಿ ನಾಮಪತ್ರ ಸಲ್ಲಿಸಿದ್ದರು ಇವರಲ್ಲಿ 15 ಜನ ಸಿಂಡಿಕೇಟ್‌ನ ಸದಸ್ಯರು ಭರ್ಜರಿ ವಿಜಯ ಸಾಧಿಸಿದ್ದರು ಈ ಹಿನ್ನಲೆಯಲ್ಲಿ ಜುಲೈ 23ರಂದು ನಡೆದ ಎಸ್‌ಎಸ್‌ಕೆ ಸಂಘದ ನೂತನ ಅಧ್ಯಕ್ಷರ ಚುನಾವಣೆ ನಡೆದಿದ್ದು ಈ ಚುನಾವಣೆಯಲ್ಲಿ ಜಿ.ಎಸ್.ಅನಿಲ್‌ಕುಮಾರ್ ಅವಿರೋಧವಾಗಿ ಆಯ್ಕೆಯಾಗಿದ್ದಾರೆ. ಸಂಘದ ಪ್ರಧಾನ ಕಾರ್ಯದರ್ಶಿಯಾಗಿ ಜಿ.ಎಸ್.ಅನಿಲ್‌ಕುಮಾರ್ ಅವರ ಅಧಿಕಾರ ಸ್ವೀಕಾರ ಮಾಡಿದರು. ಸಂಘದ 18 ವರ್ಷದ ಇತಿಹಾಸದಲ್ಲಿ ಸತತ 18 ವರ್ಷಗಳ ಕಾಲ ಅಧ್ಯಕ್ಷರಾಗಿ, 22 ವರ್ಷ ಎಸ್‌ಎಸ್‌ಕೆ ಸಂಘದ ಅಧ್ಯಕ್ಷರಾಗಿ ನಿರ್ವಹಿಸಿ ಕಠಿಣ ಪರಿಶ್ರಮದಿಂದ ದೇವಸ್ಥಾನದ ಅಭಿವೃದ್ಧಿಯ ಜೊತೆಗೆ ಸಮಾಜದ ಅಭಿವೃದ್ಧಿಗೆ ಕೆಲಸ ಮಾಡುತ್ತಿದ್ದಾರೆ.

ಕೆಲಸದ ವೈಖರಿಯನ್ನು ಗಮನಿಸಿ ಮತ್ತೆ ಹೆಚ್ಚು ಮತ ನೀಡಿ ಆರಿಸಿದ್ದಾರೆ ಭಕ್ತರಿಗೆ, ಸಂಘದ ನಾಗರೀಕರಿಗೆ ಆಭಾರಿಯಾಗಿದ್ದೇನೆ ಎಂದರು. ನಾಯಕರು ಅಧಿಕಾರದಲ್ಲಿ ಪ್ರಮಾಣವಚನ ಸ್ವೀಕರಿಸಿದ ನೂತನ ಅಧ್ಯಕ್ಷರನ್ನು ಸನ್ಮಾನಿಸಲಾಯಿತು. ಮಾಜಿ ಸಚಿವ ವೆಂಕಟರಮಣಪ್ಪ, ಹಾಲಿ ಶಾಸಕ ಹೆಚ್.ವಿ.ವೆಂಕಟೇಶ್, ಪುರಸಭಾ ಅಧ್ಯಕ್ಷರಾದ ಪಿ.ಹೆಚ್.ರಾಜೇಶ್, ಸದಸ್ಯರಾದ ರಾಜೇಶ್, ಮುಖಂಡರಾದ ಪ್ರಮೋದ್, ರಿಜ್ವಾನ್, ನಿಕಟಪೂರ್ವ ಅಧ್ಯಕ್ಷರಾದ ಶ್ರೀರಾಮ್, ಸೆರಿದಂತೆ ಅನೇಕರು ನೂತನ ಅಧ್ಯಕ್ಷರಿಗೆ ಶುಭಹಾರೈಸಿದರು.

ಕಾರಿನಲ್ಲಿ ಗೋಮಾಂಸ ಮಾರಾಟ ಮಾಡುತ್ತಿದ್ದ ಆರೋಪಿ ಬಂಧನ

ಕುಣಿಗಲ್ ಪಟ್ಟಣದಲ್ಲಿ ಕಾರಿನಲ್ಲಿ ತಂದು ಗೋಮಾಂಸ ಮಾರಾಟ ಮಾಡುತ್ತಿದ್ದ ಆರೋಪಿಯನ್ನ ಪೊಲೀಸರು ಬಂಧಿಸಿದ್ದಾರೆ. ಈ ಸಂಬಂಧ ಕುಣಿಗಲ್ ಪಟ್ಟಣದ ಕೋಟೆ ಬೀದಿ ನಿವಾಸಿ 45 ವರ್ಷದ ಅಮೀನ್ ಬಂಧಿತ ಆರೋಪಿಯಾಗಿದ್ದಾನೆ. ಬುಧವಾರ ಸಂಜೆ 4 ರ ಸಮಯದಲ್ಲಿ ಆರೋಪಿ ಅಮೀನ್ ಗೋಮಾಂಸವನ್ನ ಪ್ಲಾಸ್ಟಿಕ್ ಕವರ್

ಗಳಲ್ಲಿ ತುಂಬಿಕೊಂಡು ಬಂದು ರಿಟೇಲ್ ವ್ಯಾಪಾರ ಮಾಡುತ್ತಿದ್ದ ಎಂದು ಪೊಲೀಸರು ತಿಳಿಸಿದ್ದಾರೆ. ಕೋಟೆ ಬೀದಿಯ ನಿವಾಸಿಗಳಿಗೆ ಮಾರಾಟ ಮಾಡುತ್ತಿರುವುದನ್ನ ಅರಿತ ಹಿಂದೂ ಮುಖಂಡರು ಪೊಲೀಸರಿಗೆ ಮಾಹಿತಿ ನೀಡಿದ್ದಾರೆ. ಸ್ಥಳಕ್ಕೆ ಬಂದ ಪೊಲೀಸರು ಗೋಮಾಂಸವನ್ನ ವಶಕ್ಕೆ ತೆಗೆದುಕೊಂಡು ಆರೋಪಿಯನ್ನ ಬಂಧಿಸಿದ್ದಾರೆ.
